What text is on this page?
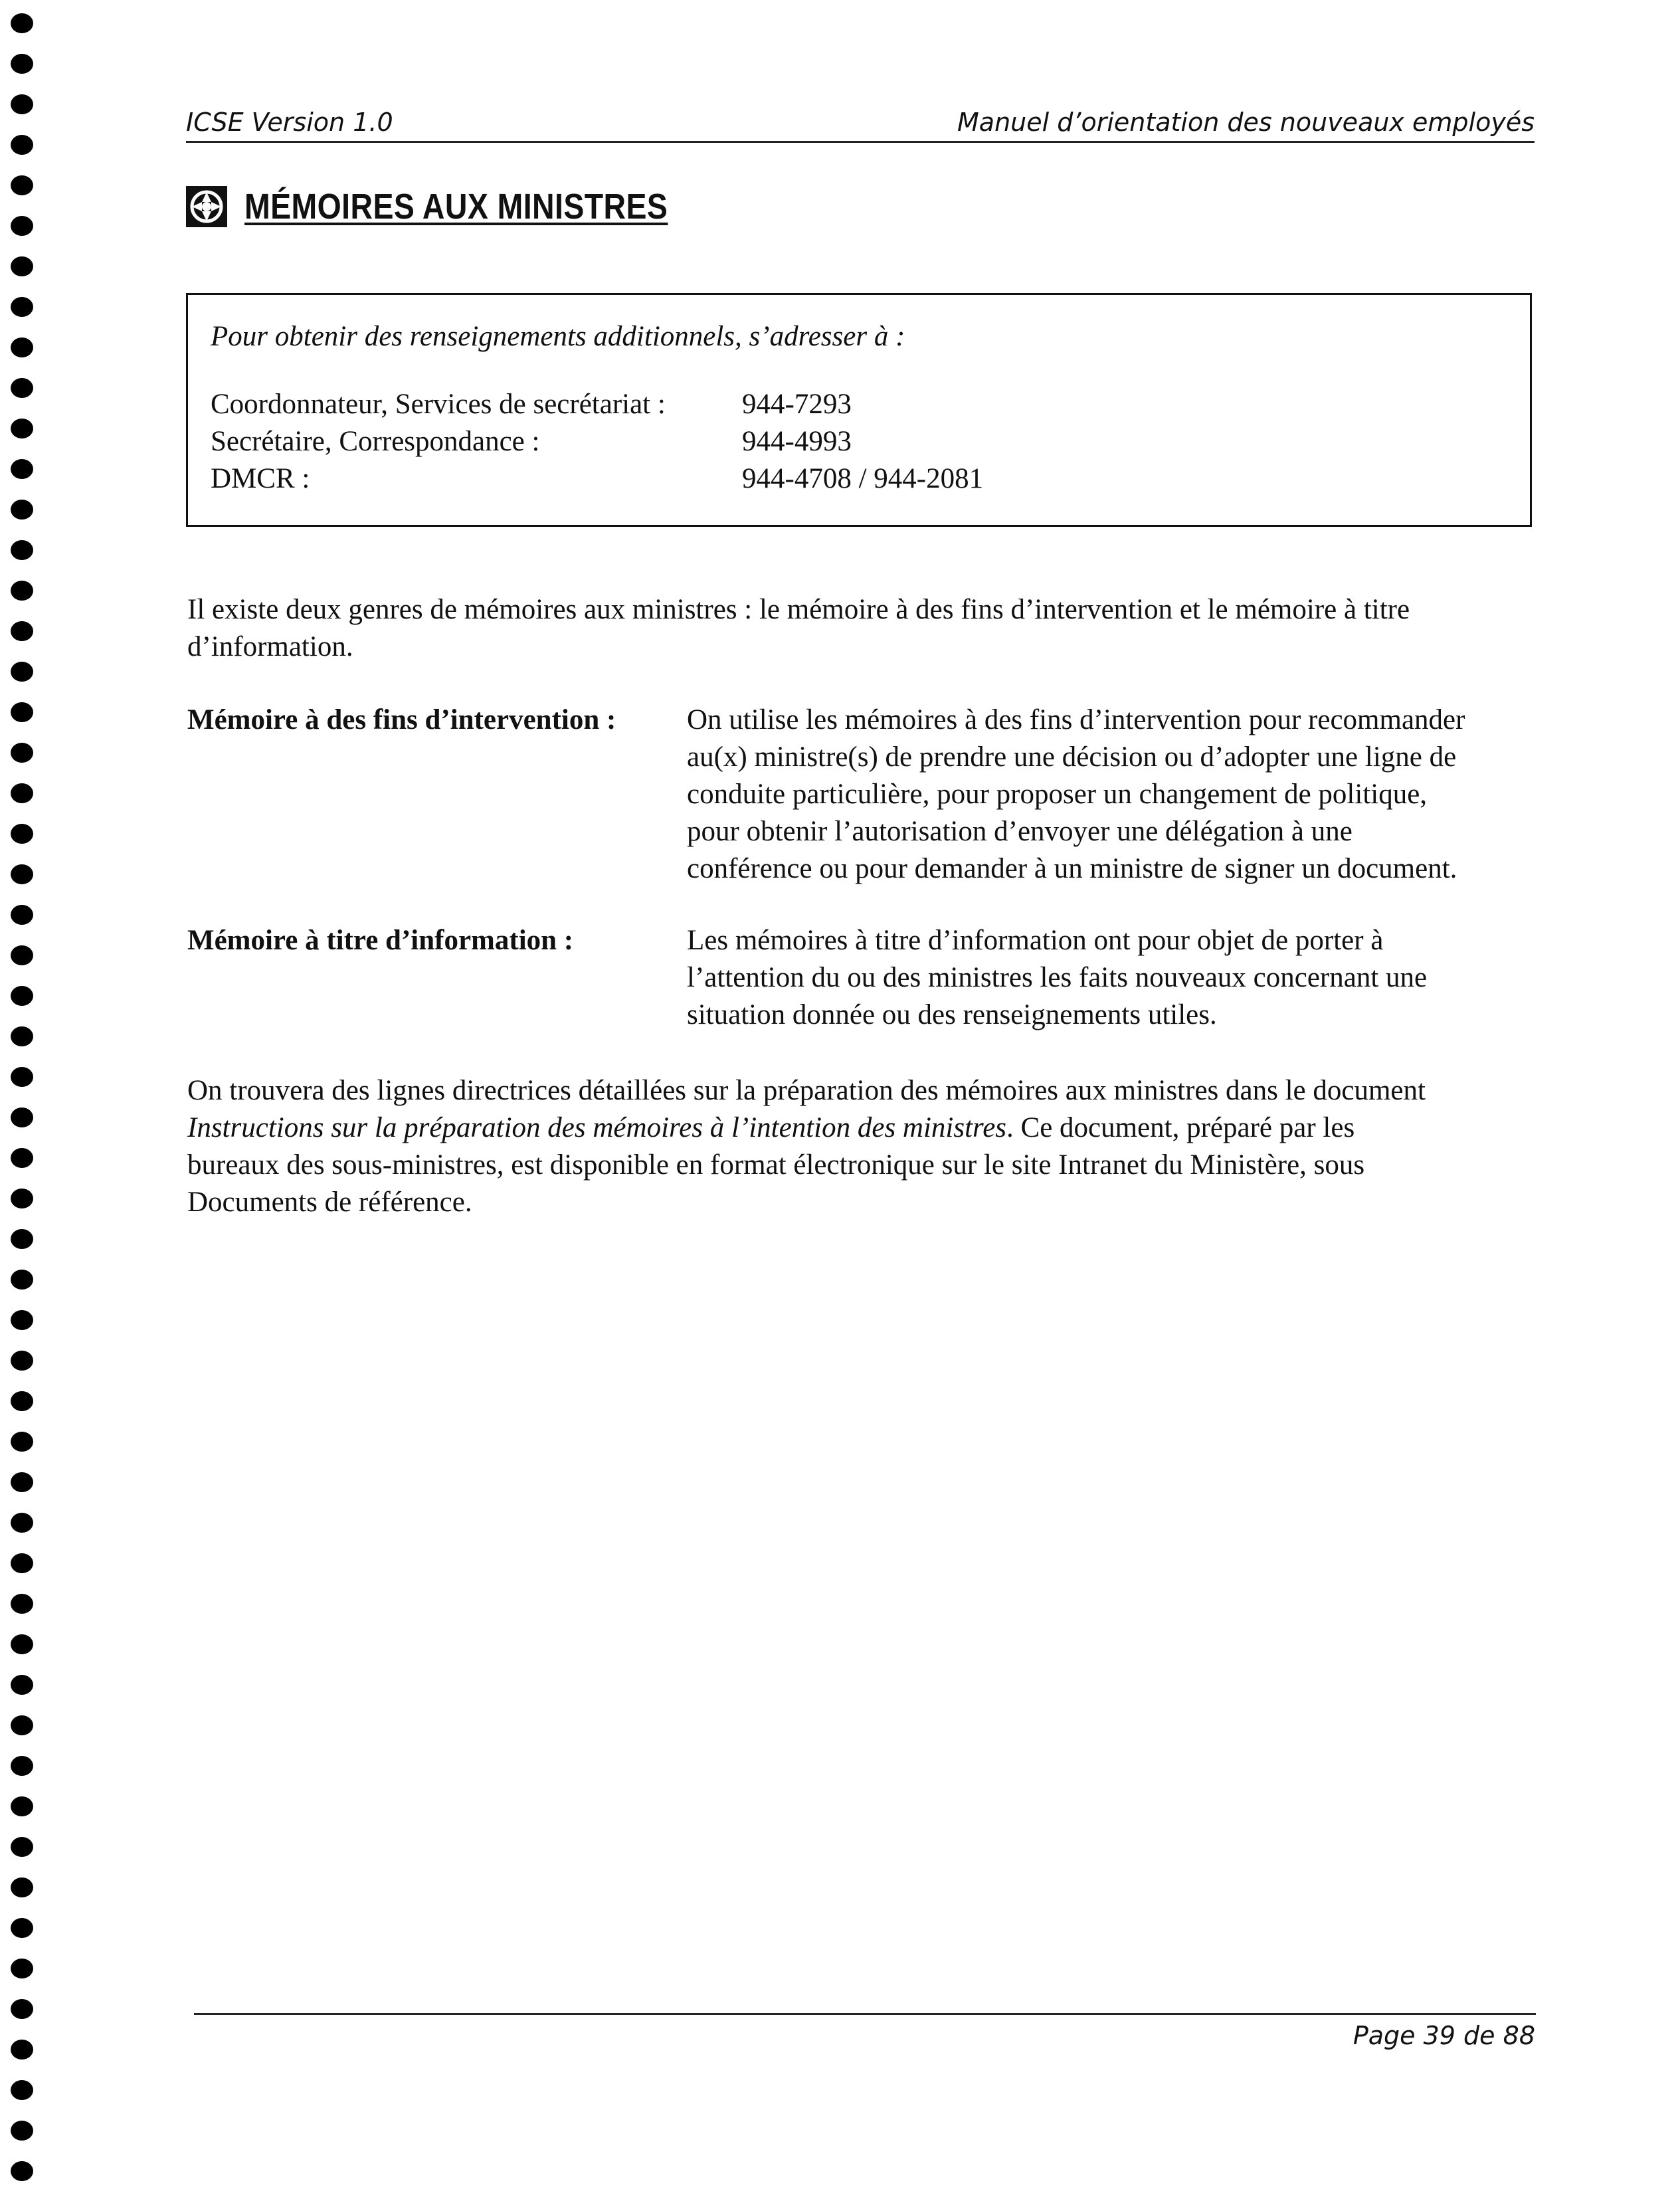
ICSE Version 1.0	Manuel d’orientation des nouveaux employés
MÉMOIRES AUX MINISTRES
Pour obtenir des renseignements additionnels, s’adresser à :
Coordonnateur, Services de secrétariat :	944-7293
Secrétaire, Correspondance :	944-4993
DMCR :	944-4708 / 944-2081
Il existe deux genres de mémoires aux ministres : le mémoire à des fins d’intervention et le mémoire à titre
d’information.
Mémoire à des fins d’intervention : On utilise les mémoires à des fins d’intervention pour recommander
au(x) ministre(s) de prendre une décision ou d’adopter une ligne de
conduite particulière, pour proposer un changement de politique,
pour obtenir l’autorisation d’envoyer une délégation à une
conférence ou pour demander à un ministre de signer un document.
Mémoire à titre d’information :	Les mémoires à titre d’information ont pour objet de porter à
l’attention du ou des ministres les faits nouveaux concernant une
situation donnée ou des renseignements utiles.
On trouvera des lignes directrices détaillées sur la préparation des mémoires aux ministres dans le document
Instructions sur la préparation des mémoires à l’intention des ministres. Ce document, préparé par les
bureaux des sous-ministres, est disponible en format électronique sur le site Intranet du Ministère, sous
Documents de référence.
Page 39 de 88
